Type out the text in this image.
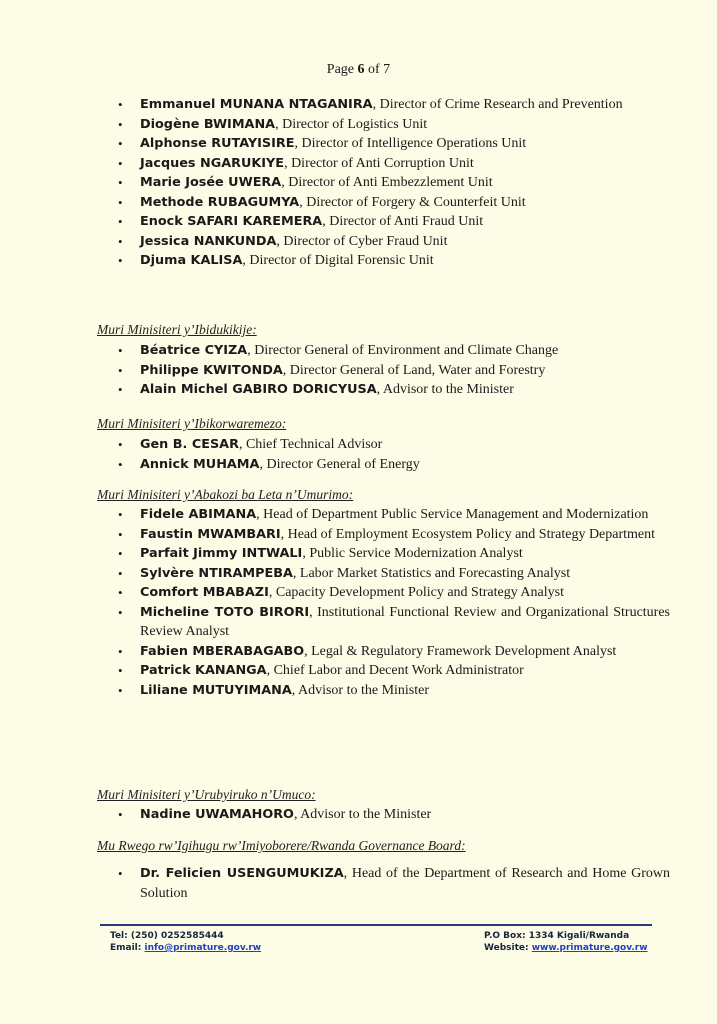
Page 6 of 7
• Emmanuel MUNANA NTAGANIRA, Director of Crime Research and Prevention
• Diogène BWIMANA, Director of Logistics Unit
• Alphonse RUTAYISIRE, Director of Intelligence Operations Unit
• Jacques NGARUKIYE, Director of Anti Corruption Unit
• Marie Josée UWERA, Director of Anti Embezzlement Unit
• Methode RUBAGUMYA, Director of Forgery & Counterfeit Unit
• Enock SAFARI KAREMERA, Director of Anti Fraud Unit
• Jessica NANKUNDA, Director of Cyber Fraud Unit
• Djuma KALISA, Director of Digital Forensic Unit
Muri Minisiteri y’Ibidukikije:
• Béatrice CYIZA, Director General of Environment and Climate Change
• Philippe KWITONDA, Director General of Land, Water and Forestry
• Alain Michel GABIRO DORICYUSA, Advisor to the Minister
Muri Minisiteri y’Ibikorwaremezo:
• Gen B. CESAR, Chief Technical Advisor
• Annick MUHAMA, Director General of Energy
Muri Minisiteri y’Abakozi ba Leta n’Umurimo:
• Fidele ABIMANA, Head of Department Public Service Management and Modernization
• Faustin MWAMBARI, Head of Employment Ecosystem Policy and Strategy Department
• Parfait Jimmy INTWALI, Public Service Modernization Analyst
• Sylvère NTIRAMPEBA, Labor Market Statistics and Forecasting Analyst
• Comfort MBABAZI, Capacity Development Policy and Strategy Analyst
• Micheline TOTO BIRORI, Institutional Functional Review and Organizational Structures Review Analyst
• Fabien MBERABAGABO, Legal & Regulatory Framework Development Analyst
• Patrick KANANGA, Chief Labor and Decent Work Administrator
• Liliane MUTUYIMANA, Advisor to the Minister
Muri Minisiteri y’Urubyiruko n’Umuco:
• Nadine UWAMAHORO, Advisor to the Minister
Mu Rwego rw’Igihugu rw’Imiyoborere/Rwanda Governance Board:
• Dr. Felicien USENGUMUKIZA, Head of the Department of Research and Home Grown Solution
Tel: (250) 0252585444
Email: info@primature.gov.rw
P.O Box: 1334 Kigali/Rwanda
Website: www.primature.gov.rw
